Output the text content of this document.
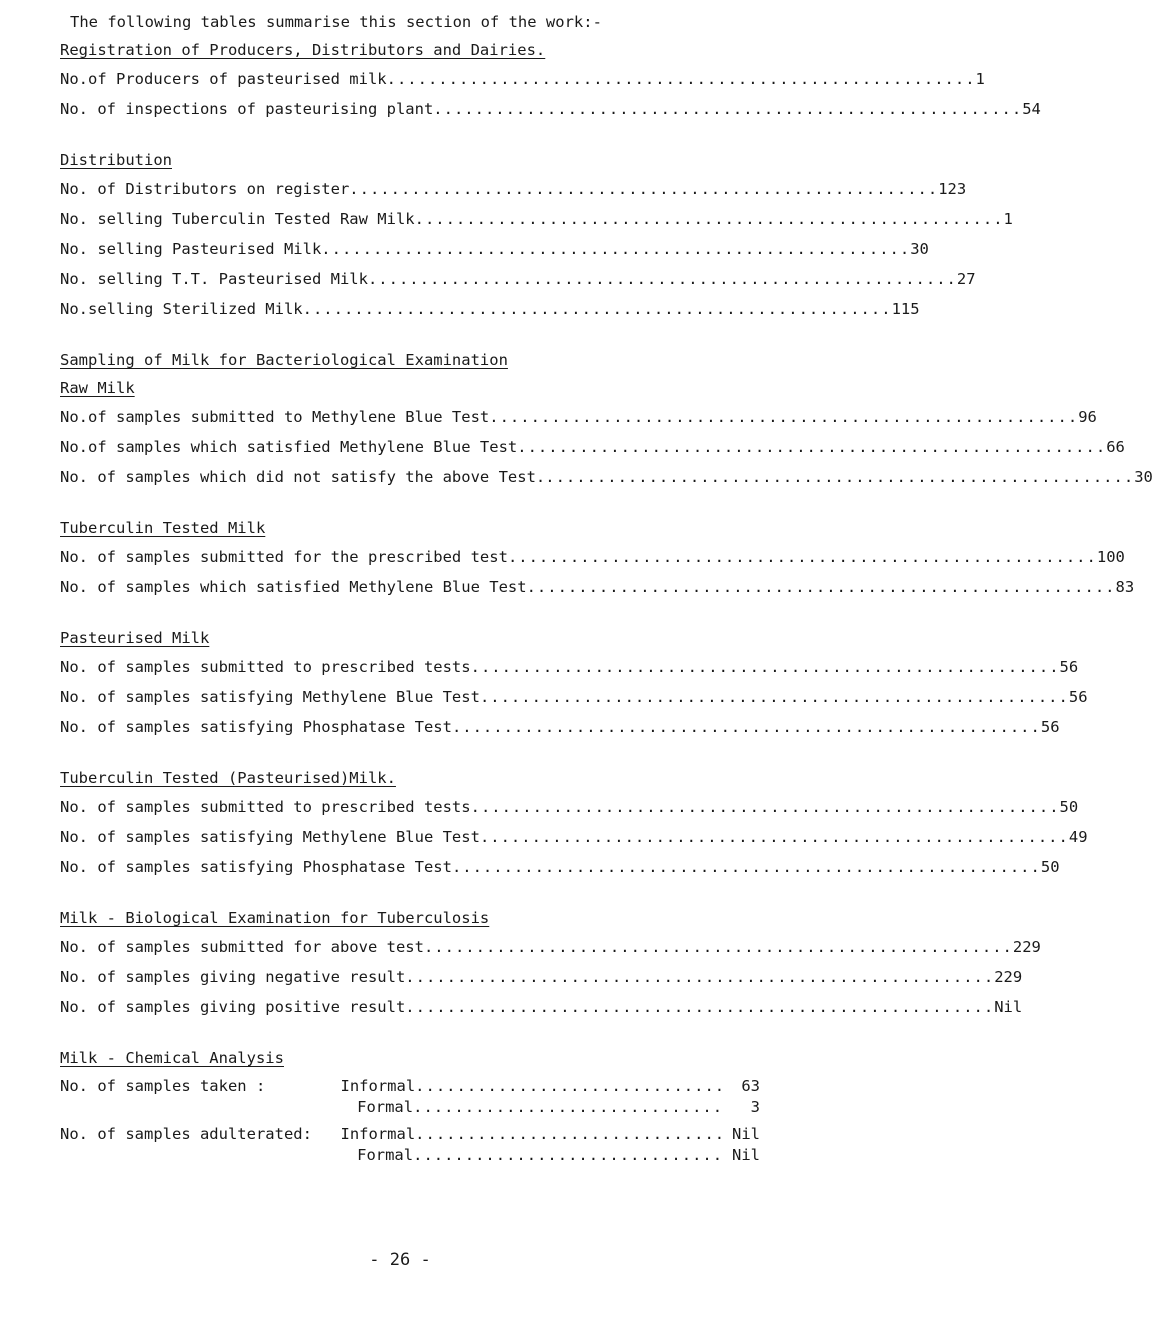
The following tables summarise this section of the work:-
Registration of Producers, Distributors and Dairies.
No.of Producers of pasteurised milk ......................................................... 1
No. of inspections of pasteurising plant ......................................................... 54
Distribution
No. of Distributors on register ......................................................... 123
No. selling Tuberculin Tested Raw Milk ......................................................... 1
No. selling Pasteurised Milk ......................................................... 30
No. selling T.T. Pasteurised Milk ......................................................... 27
No.selling Sterilized Milk ......................................................... 115
Sampling of Milk for Bacteriological Examination
Raw Milk
No.of samples submitted to Methylene Blue Test ......................................................... 96
No.of samples which satisfied Methylene Blue Test ......................................................... 66
No. of samples which did not satisfy the above Test. ......................................................... 30
Tuberculin Tested Milk
No. of samples submitted for the prescribed test ......................................................... 100
No. of samples which satisfied Methylene Blue Test ......................................................... 83
Pasteurised Milk
No. of samples submitted to prescribed tests ......................................................... 56
No. of samples satisfying Methylene Blue Test ......................................................... 56
No. of samples satisfying Phosphatase Test ......................................................... 56
Tuberculin Tested (Pasteurised)Milk.
No. of samples submitted to prescribed tests ......................................................... 50
No. of samples satisfying Methylene Blue Test ......................................................... 49
No. of samples satisfying Phosphatase Test ......................................................... 50
Milk - Biological Examination for Tuberculosis
No. of samples submitted for above test ......................................................... 229
No. of samples giving negative result ......................................................... 229
No. of samples giving positive result ......................................................... Nil
Milk - Chemical Analysis
No. of samples taken :	Informal ..............................	63
Formal ..............................	3
No. of samples adulterated:	Informal .............................. Nil
Formal .............................. Nil
- 26 -
